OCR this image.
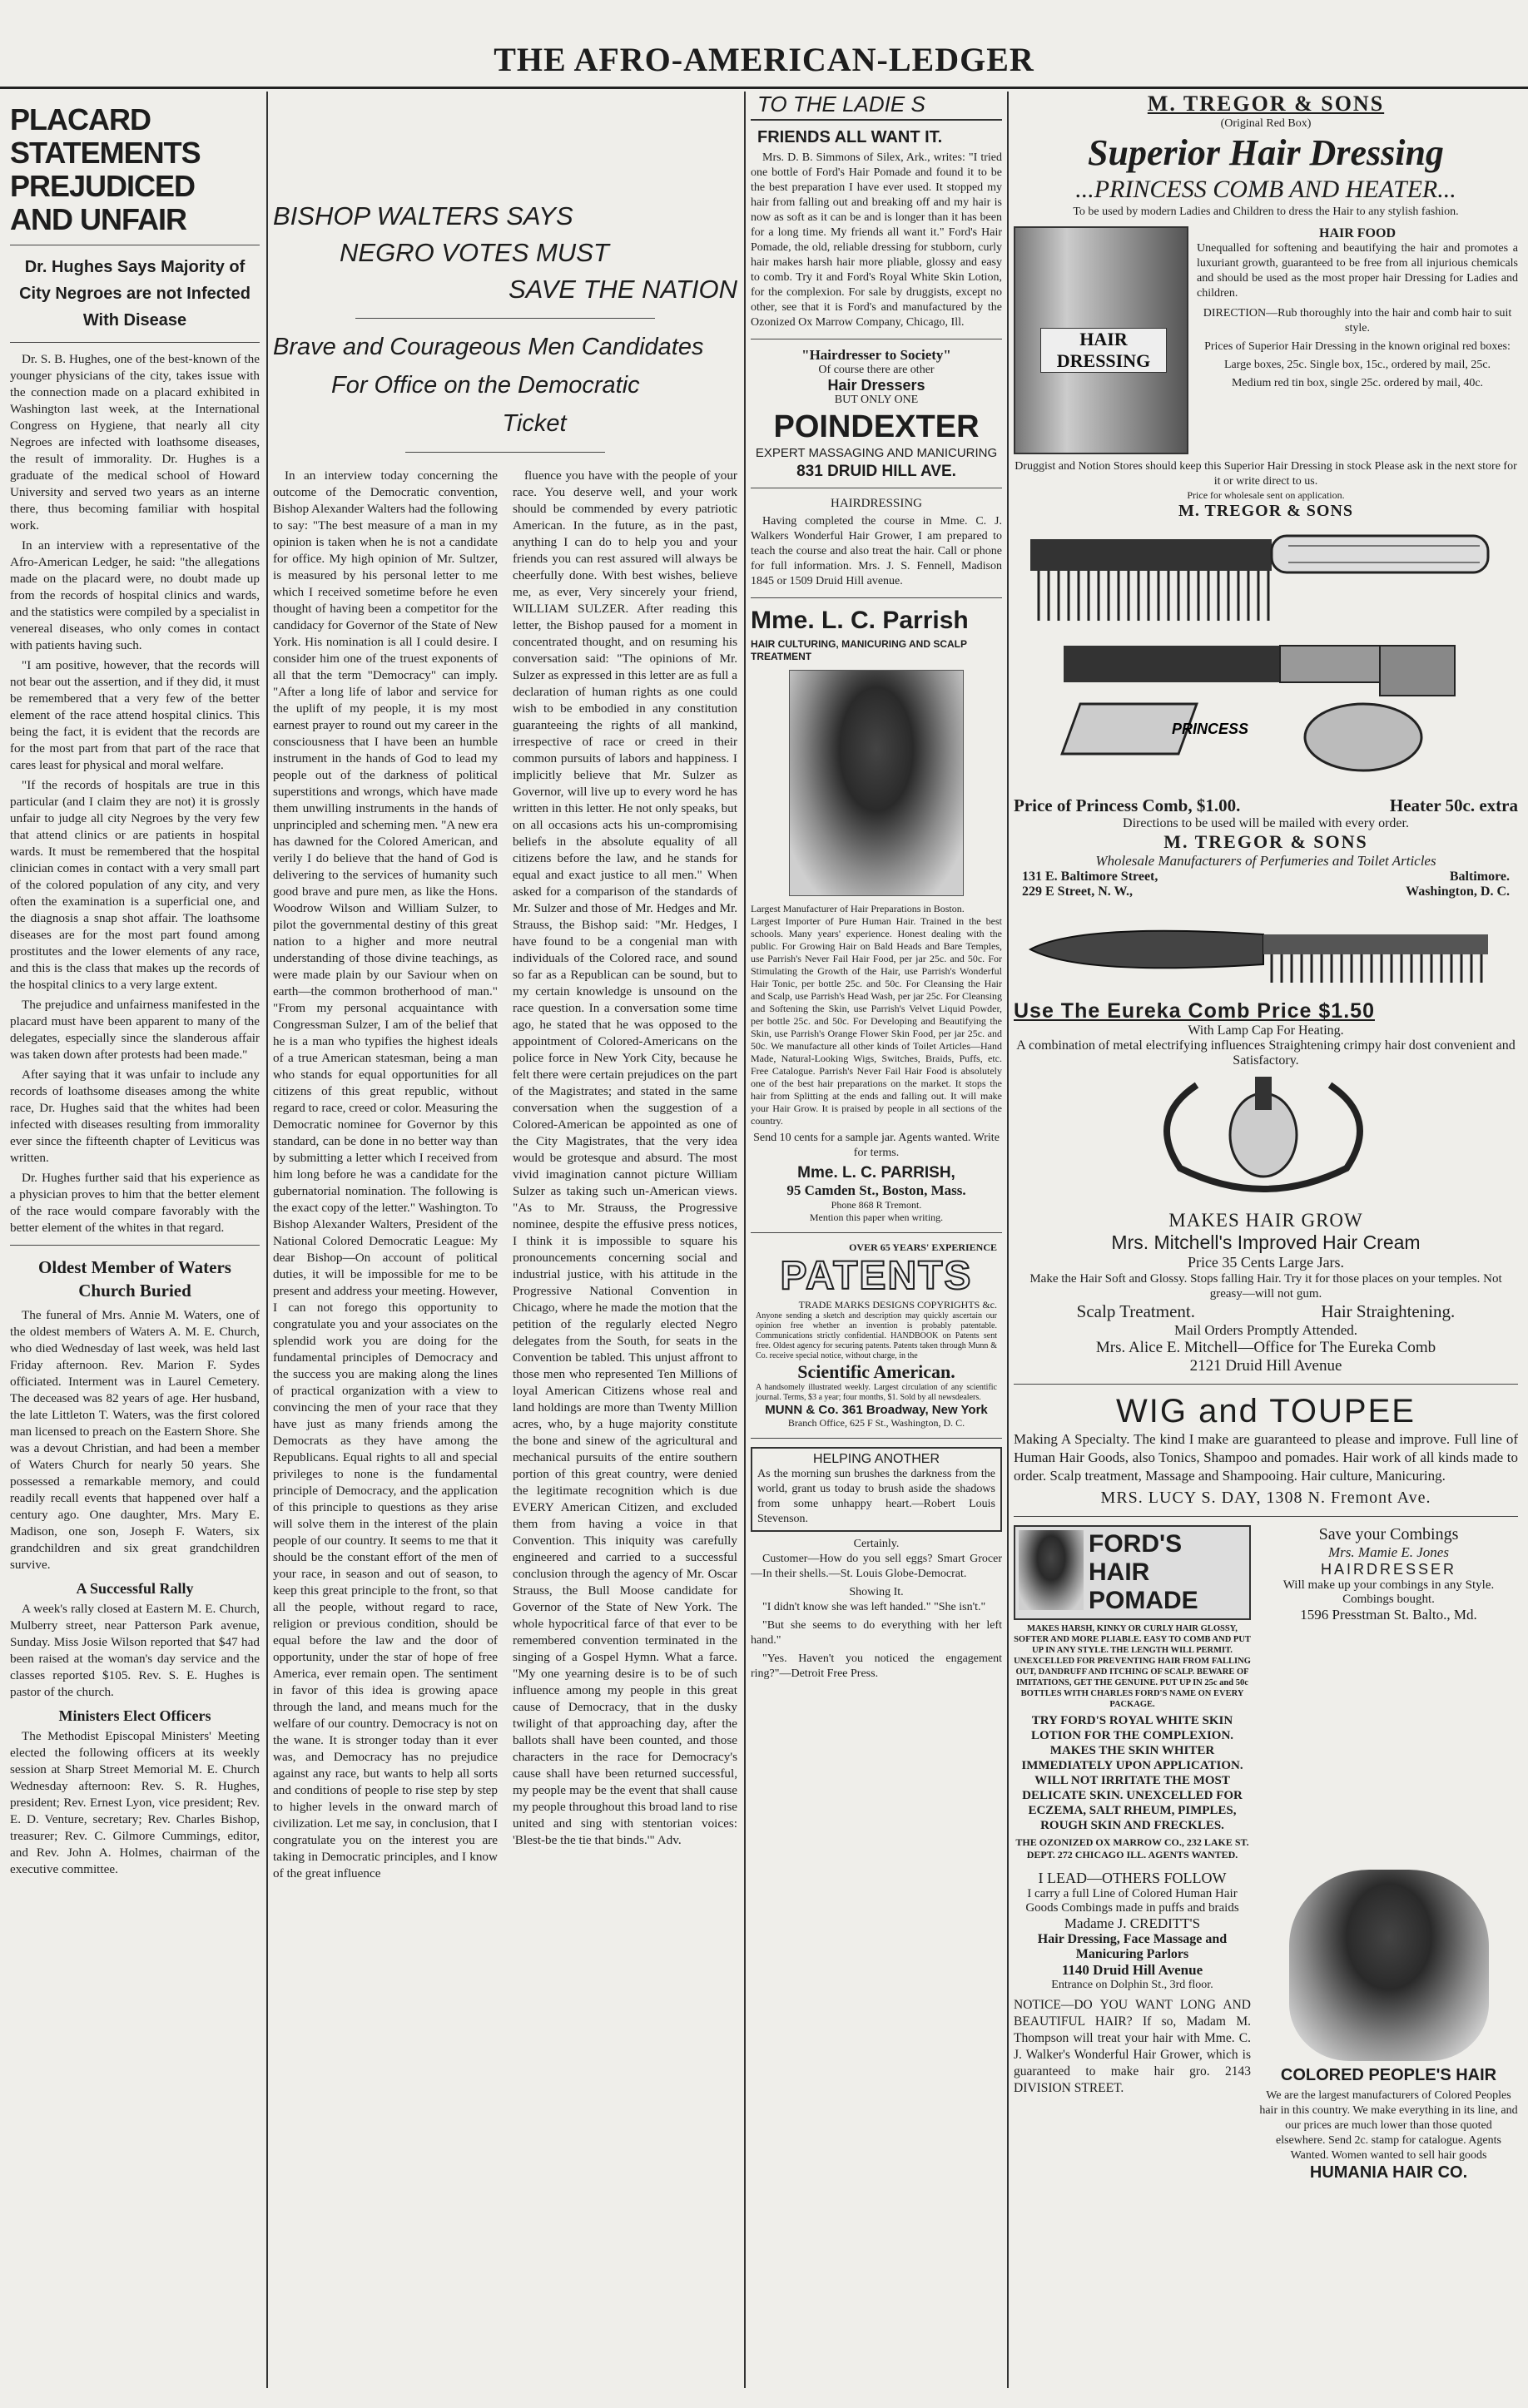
THE AFRO-AMERICAN-LEDGER
PLACARD STATEMENTS PREJUDICED AND UNFAIR
Dr. Hughes Says Majority of City Negroes are not Infected With Disease

Dr. S. B. Hughes, one of the best-known of the younger physicians of the city, takes issue with the connection made on a placard exhibited in Washington last week, at the International Congress on Hygiene, that nearly all city Negroes are infected with loathsome diseases, the result of immorality. Dr. Hughes is a graduate of the medical school of Howard University and served two years as an interne there, thus becoming familiar with hospital work.

In an interview with a representative of the Afro-American Ledger, he said: "the allegations made on the placard were, no doubt made up from the records of hospital clinics and wards, and the statistics were compiled by a specialist in venereal diseases, who only comes in contact with patients having such.

"I am positive, however, that the records will not bear out the assertion, and if they did, it must be remembered that a very few of the better element of the race attend hospital clinics. This being the fact, it is evident that the records are for the most part from that part of the race that cares least for physical and moral welfare.

"If the records of hospitals are true in this particular (and I claim they are not) it is grossly unfair to judge all city Negroes by the very few that attend clinics or are patients in hospital wards. It must be remembered that the hospital clinician comes in contact with a very small part of the colored population of any city, and very often the examination is a superficial one, and the diagnosis a snap shot affair. The loathsome diseases are for the most part found among prostitutes and the lower elements of any race, and this is the class that makes up the records of the hospital clinics to a very large extent.

The prejudice and unfairness manifested in the placard must have been apparent to many of the delegates, especially since the slanderous affair was taken down after protests had been made."

After saying that it was unfair to include any records of loathsome diseases among the white race, Dr. Hughes said that the whites had been infected with diseases resulting from immorality ever since the fifteenth chapter of Leviticus was written.

Dr. Hughes further said that his experience as a physician proves to him that the better element of the race would compare favorably with the better element of the whites in that regard.

Oldest Member of Waters Church Buried

The funeral of Mrs. Annie M. Waters, one of the oldest members of Waters A. M. E. Church, who died Wednesday of last week, was held last Friday afternoon. Rev. Marion F. Sydes officiated. Interment was in Laurel Cemetery. The deceased was 82 years of age. Her husband, the late Littleton T. Waters, was the first colored man licensed to preach on the Eastern Shore. She was a devout Christian, and had been a member of Waters Church for nearly 50 years. She possessed a remarkable memory, and could readily recall events that happened over half a century ago. One daughter, Mrs. Mary E. Madison, one son, Joseph F. Waters, six grandchildren and six great grandchildren survive.

A Successful Rally

A week's rally closed at Eastern M. E. Church, Mulberry street, near Patterson Park avenue, Sunday. Miss Josie Wilson reported that $47 had been raised at the woman's day service and the classes reported $105. Rev. S. E. Hughes is pastor of the church.

Ministers Elect Officers

The Methodist Episcopal Ministers' Meeting elected the following officers at its weekly session at Sharp Street Memorial M. E. Church Wednesday afternoon: Rev. S. R. Hughes, president; Rev. Ernest Lyon, vice president; Rev. E. D. Venture, secretary; Rev. Charles Bishop, treasurer; Rev. C. Gilmore Cummings, editor, and Rev. John A. Holmes, chairman of the executive committee.

BISHOP WALTERS SAYS
NEGRO VOTES MUST
SAVE THE NATION
Brave and Courageous Men Candidates
For Office on the Democratic
Ticket

In an interview today concerning the outcome of the Democratic convention, Bishop Alexander Walters had the following to say: "The best measure of a man in my opinion is taken when he is not a candidate for office. My high opinion of Mr. Sultzer, is measured by his personal letter to me which I received sometime before he even thought of having been a competitor for the candidacy for Governor of the State of New York. His nomination is all I could desire. I consider him one of the truest exponents of all that the term "Democracy" can imply. "After a long life of labor and service for the uplift of my people, it is my most earnest prayer to round out my career in the consciousness that I have been an humble instrument in the hands of God to lead my people out of the darkness of political superstitions and wrongs, which have made them unwilling instruments in the hands of unprincipled and scheming men. "A new era has dawned for the Colored American, and verily I do believe that the hand of God is delivering to the services of humanity such good brave and pure men, as like the Hons. Woodrow Wilson and William Sulzer, to pilot the governmental destiny of this great nation to a higher and more neutral understanding of those divine teachings, as were made plain by our Saviour when on earth—the common brotherhood of man." "From my personal acquaintance with Congressman Sulzer, I am of the belief that he is a man who typifies the highest ideals of a true American statesman, being a man who stands for equal opportunities for all citizens of this great republic, without regard to race, creed or color. Measuring the Democratic nominee for Governor by this standard, can be done in no better way than by submitting a letter which I received from him long before he was a candidate for the gubernatorial nomination. The following is the exact copy of the letter." Washington. To Bishop Alexander Walters, President of the National Colored Democratic League: My dear Bishop—On account of political duties, it will be impossible for me to be present and address your meeting. However, I can not forego this opportunity to congratulate you and your associates on the splendid work you are doing for the fundamental principles of Democracy and the success you are making along the lines of practical organization with a view to convincing the men of your race that they have just as many friends among the Democrats as they have among the Republicans. Equal rights to all and special privileges to none is the fundamental principle of Democracy, and the application of this principle to questions as they arise will solve them in the interest of the plain people of our country. It seems to me that it should be the constant effort of the men of your race, in season and out of season, to keep this great principle to the front, so that all the people, without regard to race, religion or previous condition, should be equal before the law and the door of opportunity, under the star of hope of free America, ever remain open. The sentiment in favor of this idea is growing apace through the land, and means much for the welfare of our country. Democracy is not on the wane. It is stronger today than it ever was, and Democracy has no prejudice against any race, but wants to help all sorts and conditions of people to rise step by step to higher levels in the onward march of civilization. Let me say, in conclusion, that I congratulate you on the interest you are taking in Democratic principles, and I know of the great influence

fluence you have with the people of your race. You deserve well, and your work should be commended by every patriotic American. In the future, as in the past, anything I can do to help you and your friends you can rest assured will always be cheerfully done. With best wishes, believe me, as ever, Very sincerely your friend, WILLIAM SULZER. After reading this letter, the Bishop paused for a moment in concentrated thought, and on resuming his conversation said: "The opinions of Mr. Sulzer as expressed in this letter are as full a declaration of human rights as one could wish to be embodied in any constitution guaranteeing the rights of all mankind, irrespective of race or creed in their common pursuits of labors and happiness. I implicitly believe that Mr. Sulzer as Governor, will live up to every word he has written in this letter. He not only speaks, but on all occasions acts his un-compromising beliefs in the absolute equality of all citizens before the law, and he stands for equal and exact justice to all men." When asked for a comparison of the standards of Mr. Sulzer and those of Mr. Hedges and Mr. Strauss, the Bishop said: "Mr. Hedges, I have found to be a congenial man with individuals of the Colored race, and sound so far as a Republican can be sound, but to my certain knowledge is unsound on the race question. In a conversation some time ago, he stated that he was opposed to the appointment of Colored-Americans on the police force in New York City, because he felt there were certain prejudices on the part of the Magistrates; and stated in the same conversation when the suggestion of a Colored-American be appointed as one of the City Magistrates, that the very idea would be grotesque and absurd. The most vivid imagination cannot picture William Sulzer as taking such un-American views. "As to Mr. Strauss, the Progressive nominee, despite the effusive press notices, I think it is impossible to square his pronouncements concerning social and industrial justice, with his attitude in the Progressive National Convention in Chicago, where he made the motion that the petition of the regularly elected Negro delegates from the South, for seats in the Convention be tabled. This unjust affront to those men who represented Ten Millions of loyal American Citizens whose real and land holdings are more than Twenty Million acres, who, by a huge majority constitute the bone and sinew of the agricultural and mechanical pursuits of the entire southern portion of this great country, were denied the legitimate recognition which is due EVERY American Citizen, and excluded them from having a voice in that Convention. This iniquity was carefully engineered and carried to a successful conclusion through the agency of Mr. Oscar Strauss, the Bull Moose candidate for Governor of the State of New York. The whole hypocritical farce of that ever to be remembered convention terminated in the singing of a Gospel Hymn. What a farce. "My one yearning desire is to be of such influence among my people in this great cause of Democracy, that in the dusky twilight of that approaching day, after the ballots shall have been counted, and those characters in the race for Democracy's cause shall have been returned successful, my people may be the event that shall cause my people throughout this broad land to rise united and sing with stentorian voices: 'Blest-be the tie that binds.'" Adv.

TO THE LADIE S
FRIENDS ALL WANT IT.

Mrs. D. B. Simmons of Silex, Ark., writes: "I tried one bottle of Ford's Hair Pomade and found it to be the best preparation I have ever used. It stopped my hair from falling out and breaking off and my hair is now as soft as it can be and is longer than it has been for a long time. My friends all want it." Ford's Hair Pomade, the old, reliable dressing for stubborn, curly hair makes harsh hair more pliable, glossy and easy to comb. Try it and Ford's Royal White Skin Lotion, for the complexion. For sale by druggists, except no other, see that it is Ford's and manufactured by the Ozonized Ox Marrow Company, Chicago, Ill.

"Hairdresser to Society"
Of course there are other
Hair Dressers
BUT ONLY ONE
POINDEXTER
EXPERT MASSAGING AND MANICURING
831 DRUID HILL AVE.
HAIRDRESSING

Having completed the course in Mme. C. J. Walkers Wonderful Hair Grower, I am prepared to teach the course and also treat the hair. Call or phone for full information. Mrs. J. S. Fennell, Madison 1845 or 1509 Druid Hill avenue.

Mme. L. C. Parrish
HAIR CULTURING, MANICURING AND SCALP TREATMENT
Largest Manufacturer of Hair Preparations in Boston.
Largest Importer of Pure Human Hair. Trained in the best schools. Many years' experience. Honest dealing with the public. For Growing Hair on Bald Heads and Bare Temples, use Parrish's Never Fail Hair Food, per jar 25c. and 50c. For Stimulating the Growth of the Hair, use Parrish's Wonderful Hair Tonic, per bottle 25c. and 50c. For Cleansing the Hair and Scalp, use Parrish's Head Wash, per jar 25c. For Cleansing and Softening the Skin, use Parrish's Velvet Liquid Powder, per bottle 25c. and 50c. For Developing and Beautifying the Skin, use Parrish's Orange Flower Skin Food, per jar 25c. and 50c. We manufacture all other kinds of Toilet Articles—Hand Made, Natural-Looking Wigs, Switches, Braids, Puffs, etc. Free Catalogue. Parrish's Never Fail Hair Food is absolutely one of the best hair preparations on the market. It stops the hair from Splitting at the ends and falling out. It will make your Hair Grow. It is praised by people in all sections of the country.
Send 10 cents for a sample jar. Agents wanted. Write for terms.
Mme. L. C. PARRISH,
95 Camden St., Boston, Mass.
Phone 868 R Tremont.
Mention this paper when writing.
OVER 65 YEARS' EXPERIENCE
PATENTS
TRADE MARKS DESIGNS COPYRIGHTS &c.
Anyone sending a sketch and description may quickly ascertain our opinion free whether an invention is probably patentable. Communications strictly confidential. HANDBOOK on Patents sent free. Oldest agency for securing patents. Patents taken through Munn & Co. receive special notice, without charge, in the
Scientific American.
A handsomely illustrated weekly. Largest circulation of any scientific journal. Terms, $3 a year; four months, $1. Sold by all newsdealers.
MUNN & Co. 361 Broadway, New York
Branch Office, 625 F St., Washington, D. C.
HELPING ANOTHER
As the morning sun brushes the darkness from the world, grant us today to brush aside the shadows from some unhappy heart.—Robert Louis Stevenson.
Certainly.

Customer—How do you sell eggs? Smart Grocer—In their shells.—St. Louis Globe-Democrat.

Showing It.

"I didn't know she was left handed." "She isn't."

"But she seems to do everything with her left hand."

"Yes. Haven't you noticed the engagement ring?"—Detroit Free Press.

M. TREGOR & SONS
(Original Red Box)
Superior Hair Dressing
...PRINCESS COMB AND HEATER...
To be used by modern Ladies and Children to dress the Hair to any stylish fashion.
HAIR DRESSING
HAIR FOOD
Unequalled for softening and beautifying the hair and promotes a luxuriant growth, guaranteed to be free from all injurious chemicals and should be used as the most proper hair Dressing for Ladies and children.
DIRECTION—Rub thoroughly into the hair and comb hair to suit style.
Prices of Superior Hair Dressing in the known original red boxes:
Large boxes, 25c. Single box, 15c., ordered by mail, 25c.
Medium red tin box, single 25c. ordered by mail, 40c.
Druggist and Notion Stores should keep this Superior Hair Dressing in stock Please ask in the next store for it or write direct to us.
Price for wholesale sent on application.
M. TREGOR & SONS
PRINCESS
Price of Princess Comb, $1.00.	Heater 50c. extra
Directions to be used will be mailed with every order.
M. TREGOR & SONS
Wholesale Manufacturers of Perfumeries and Toilet Articles
131 E. Baltimore Street,	Baltimore.
229 E Street, N. W.,	Washington, D. C.
Use The Eureka Comb Price $1.50
With Lamp Cap For Heating.
A combination of metal electrifying influences Straightening crimpy hair dost convenient and Satisfactory.
MAKES HAIR GROW
Mrs. Mitchell's Improved Hair Cream
Price 35 Cents Large Jars.
Make the Hair Soft and Glossy. Stops falling Hair. Try it for those places on your temples. Not greasy—will not gum.
Scalp Treatment.	Hair Straightening.
Mail Orders Promptly Attended.
Mrs. Alice E. Mitchell—Office for The Eureka Comb
2121 Druid Hill Avenue
WIG and TOUPEE
Making A Specialty. The kind I make are guaranteed to please and improve. Full line of Human Hair Goods, also Tonics, Shampoo and pomades. Hair work of all kinds made to order. Scalp treatment, Massage and Shampooing. Hair culture, Manicuring.
MRS. LUCY S. DAY, 1308 N. Fremont Ave.
FORD'S HAIR POMADE
MAKES HARSH, KINKY OR CURLY HAIR GLOSSY, SOFTER AND MORE PLIABLE. EASY TO COMB AND PUT UP IN ANY STYLE. THE LENGTH WILL PERMIT. UNEXCELLED FOR PREVENTING HAIR FROM FALLING OUT, DANDRUFF AND ITCHING OF SCALP. BEWARE OF IMITATIONS, GET THE GENUINE. PUT UP IN 25c and 50c BOTTLES WITH CHARLES FORD'S NAME ON EVERY PACKAGE.
TRY FORD'S ROYAL WHITE SKIN LOTION FOR THE COMPLEXION. MAKES THE SKIN WHITER IMMEDIATELY UPON APPLICATION. WILL NOT IRRITATE THE MOST DELICATE SKIN. UNEXCELLED FOR ECZEMA, SALT RHEUM, PIMPLES, ROUGH SKIN AND FRECKLES.
THE OZONIZED OX MARROW CO., 232 LAKE ST. DEPT. 272 CHICAGO ILL. AGENTS WANTED.
Save your Combings
Mrs. Mamie E. Jones
HAIRDRESSER
Will make up your combings in any Style. Combings bought.
1596 Presstman St. Balto., Md.
I LEAD—OTHERS FOLLOW
I carry a full Line of Colored Human Hair Goods Combings made in puffs and braids
Madame J. CREDITT'S
Hair Dressing, Face Massage and Manicuring Parlors
1140 Druid Hill Avenue
Entrance on Dolphin St., 3rd floor.
NOTICE—DO YOU WANT LONG AND BEAUTIFUL HAIR? If so, Madam M. Thompson will treat your hair with Mme. C. J. Walker's Wonderful Hair Grower, which is guaranteed to make hair gro. 2143 DIVISION STREET.
COLORED PEOPLE'S HAIR
We are the largest manufacturers of Colored Peoples hair in this country. We make everything in its line, and our prices are much lower than those quoted elsewhere. Send 2c. stamp for catalogue. Agents Wanted. Women wanted to sell hair goods
HUMANIA HAIR CO.
